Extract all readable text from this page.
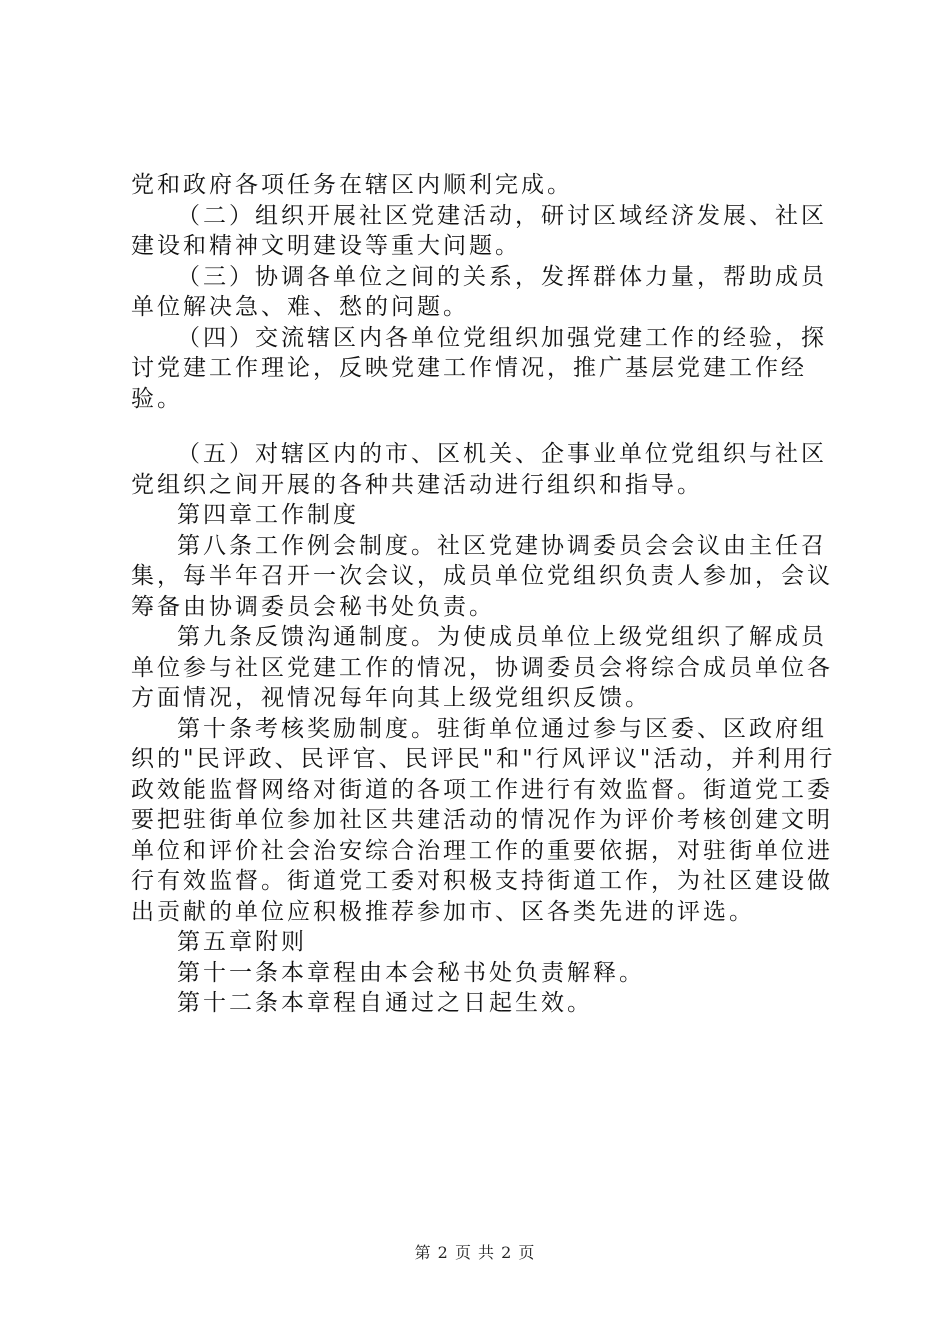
党和政府各项任务在辖区内顺利完成。

（二）组织开展社区党建活动，研讨区域经济发展、社区建设和精神文明建设等重大问题。

（三）协调各单位之间的关系，发挥群体力量，帮助成员单位解决急、难、愁的问题。

（四）交流辖区内各单位党组织加强党建工作的经验，探讨党建工作理论，反映党建工作情况，推广基层党建工作经验。

（五）对辖区内的市、区机关、企事业单位党组织与社区党组织之间开展的各种共建活动进行组织和指导。

第四章工作制度

第八条工作例会制度。社区党建协调委员会会议由主任召集，每半年召开一次会议，成员单位党组织负责人参加，会议筹备由协调委员会秘书处负责。

第九条反馈沟通制度。为使成员单位上级党组织了解成员单位参与社区党建工作的情况，协调委员会将综合成员单位各方面情况，视情况每年向其上级党组织反馈。

第十条考核奖励制度。驻街单位通过参与区委、区政府组织的"民评政、民评官、民评民"和"行风评议"活动，并利用行政效能监督网络对街道的各项工作进行有效监督。街道党工委要把驻街单位参加社区共建活动的情况作为评价考核创建文明单位和评价社会治安综合治理工作的重要依据，对驻街单位进行有效监督。街道党工委对积极支持街道工作，为社区建设做出贡献的单位应积极推荐参加市、区各类先进的评选。

第五章附则

第十一条本章程由本会秘书处负责解释。

第十二条本章程自通过之日起生效。

第 2 页 共 2 页
